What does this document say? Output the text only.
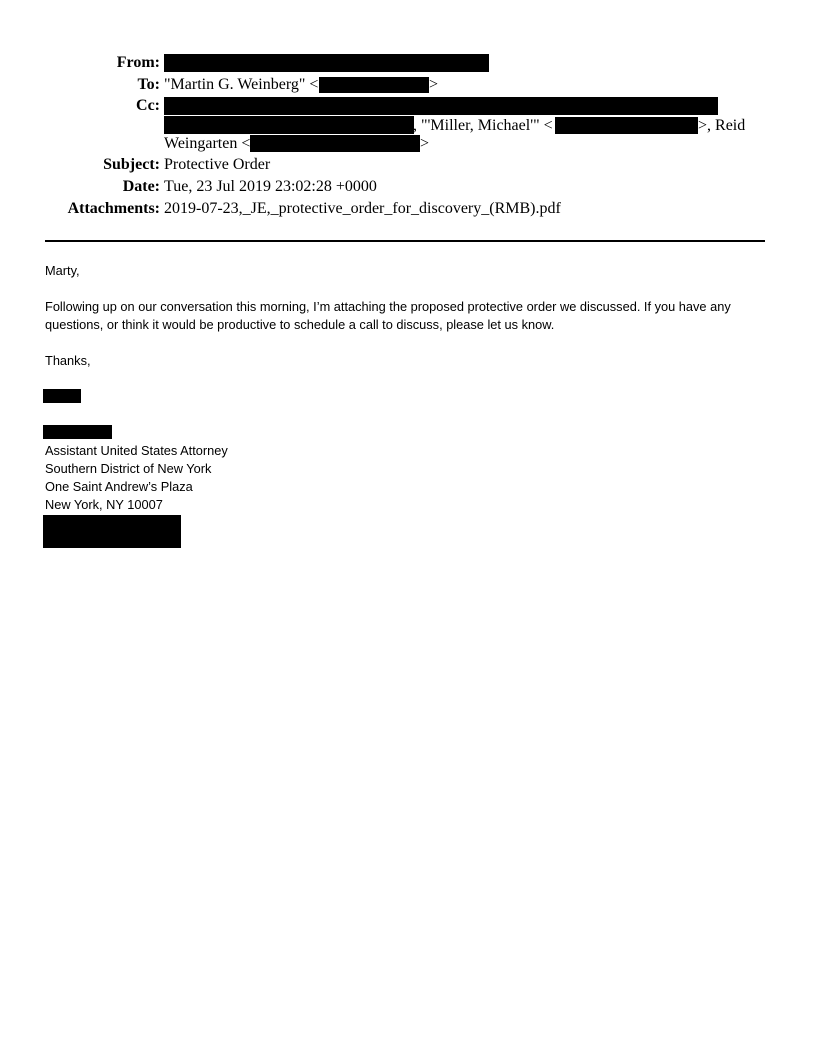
From:
To: "Martin G. Weinberg" <	>
Cc:
, "'Miller, Michael'" <	>, Reid
Weingarten <	>
Subject: Protective Order
Date: Tue, 23 Jul 2019 23:02:28 +0000
Attachments: 2019-07-23,_JE,_protective_order_for_discovery_(RMB).pdf
Marty,
Following up on our conversation this morning, I’m attaching the proposed protective order we discussed. If you have any
questions, or think it would be productive to schedule a call to discuss, please let us know.
Thanks,
Assistant United States Attorney
Southern District of New York
One Saint Andrew’s Plaza
New York, NY 10007
